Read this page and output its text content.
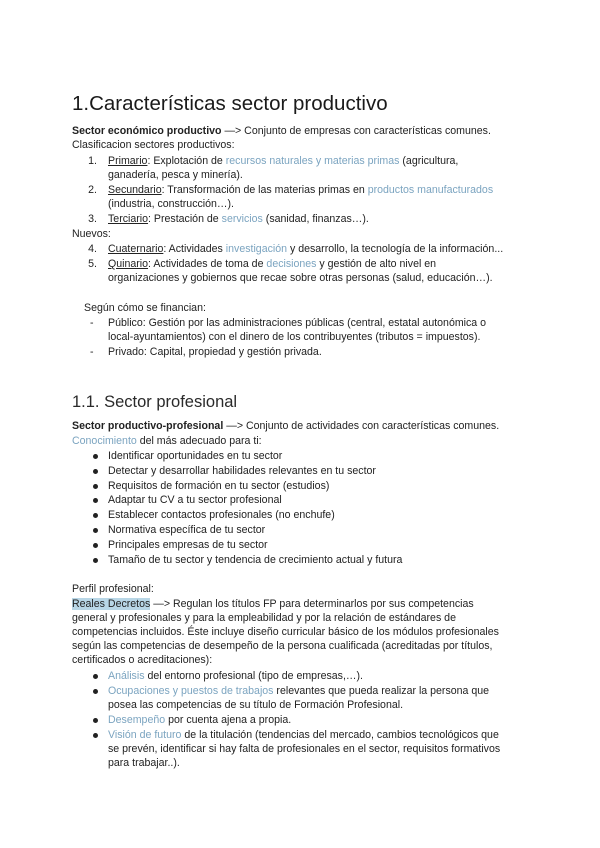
1.Características sector productivo
Sector económico productivo —> Conjunto de empresas con características comunes.
Clasificacion sectores productivos:
1. Primario: Explotación de recursos naturales y materias primas (agricultura,
ganadería, pesca y minería).
2. Secundario: Transformación de las materias primas en productos manufacturados
(industria, construcción…).
3. Terciario: Prestación de servicios (sanidad, finanzas…).
Nuevos:
4. Cuaternario: Actividades investigación y desarrollo, la tecnología de la información...
5. Quinario: Actividades de toma de decisiones y gestión de alto nivel en
organizaciones y gobiernos que recae sobre otras personas (salud, educación…).
Según cómo se financian:
- Público: Gestión por las administraciones públicas (central, estatal autonómica o
local-ayuntamientos) con el dinero de los contribuyentes (tributos = impuestos).
- Privado: Capital, propiedad y gestión privada.
1.1. Sector profesional
Sector productivo-profesional —> Conjunto de actividades con características comunes.
Conocimiento del más adecuado para ti:
Identificar oportunidades en tu sector
Detectar y desarrollar habilidades relevantes en tu sector
Requisitos de formación en tu sector (estudios)
Adaptar tu CV a tu sector profesional
Establecer contactos profesionales (no enchufe)
Normativa específica de tu sector
Principales empresas de tu sector
Tamaño de tu sector y tendencia de crecimiento actual y futura
Perfil profesional:
Reales Decretos —> Regulan los títulos FP para determinarlos por sus competencias
general y profesionales y para la empleabilidad y por la relación de estándares de
competencias incluidos. Éste incluye diseño curricular básico de los módulos profesionales
según las competencias de desempeño de la persona cualificada (acreditadas por títulos,
certificados o acreditaciones):
Análisis del entorno profesional (tipo de empresas,…).
Ocupaciones y puestos de trabajos relevantes que pueda realizar la persona que
posea las competencias de su título de Formación Profesional.
Desempeño por cuenta ajena a propia.
Visión de futuro de la titulación (tendencias del mercado, cambios tecnológicos que
se prevén, identificar si hay falta de profesionales en el sector, requisitos formativos
para trabajar..).
